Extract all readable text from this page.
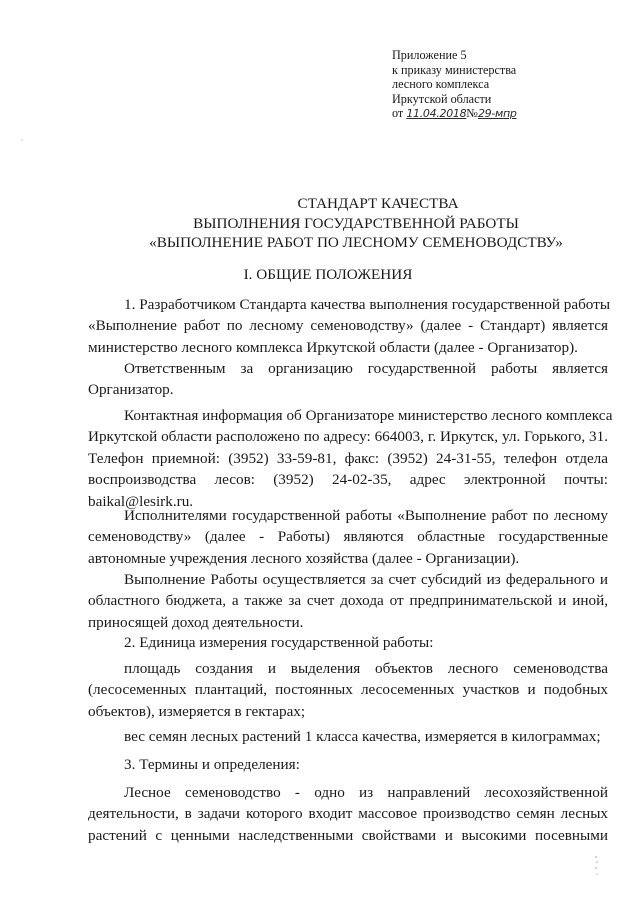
Приложение 5
к приказу министерства
лесного комплекса
Иркутской области
от 11.04.2018№29-мпр
СТАНДАРТ КАЧЕСТВА
ВЫПОЛНЕНИЯ ГОСУДАРСТВЕННОЙ РАБОТЫ
«ВЫПОЛНЕНИЕ РАБОТ ПО ЛЕСНОМУ СЕМЕНОВОДСТВУ»
I. ОБЩИЕ ПОЛОЖЕНИЯ
1. Разработчиком Стандарта качества выполнения государственной работы
«Выполнение работ по лесному семеноводству» (далее - Стандарт) является
министерство лесного комплекса Иркутской области (далее - Организатор).
Ответственным за организацию государственной работы является
Организатор.
Контактная информация об Организаторе министерство лесного комплекса
Иркутской области расположено по адресу: 664003, г. Иркутск, ул. Горького, 31.
Телефон приемной: (3952) 33-59-81, факс: (3952) 24-31-55, телефон отдела
воспроизводства лесов: (3952) 24-02-35, адрес электронной почты:
baikal@lesirk.ru.
Исполнителями государственной работы «Выполнение работ по лесному
семеноводству» (далее - Работы) являются областные государственные
автономные учреждения лесного хозяйства (далее - Организации).
Выполнение Работы осуществляется за счет субсидий из федерального и
областного бюджета, а также за счет дохода от предпринимательской и иной,
приносящей доход деятельности.
2. Единица измерения государственной работы:
площадь создания и выделения объектов лесного семеноводства
(лесосеменных плантаций, постоянных лесосеменных участков и подобных
объектов), измеряется в гектарах;
вес семян лесных растений 1 класса качества, измеряется в килограммах;
3. Термины и определения:
Лесное семеноводство - одно из направлений лесохозяйственной
деятельности, в задачи которого входит массовое производство семян лесных
растений с ценными наследственными свойствами и высокими посевными
